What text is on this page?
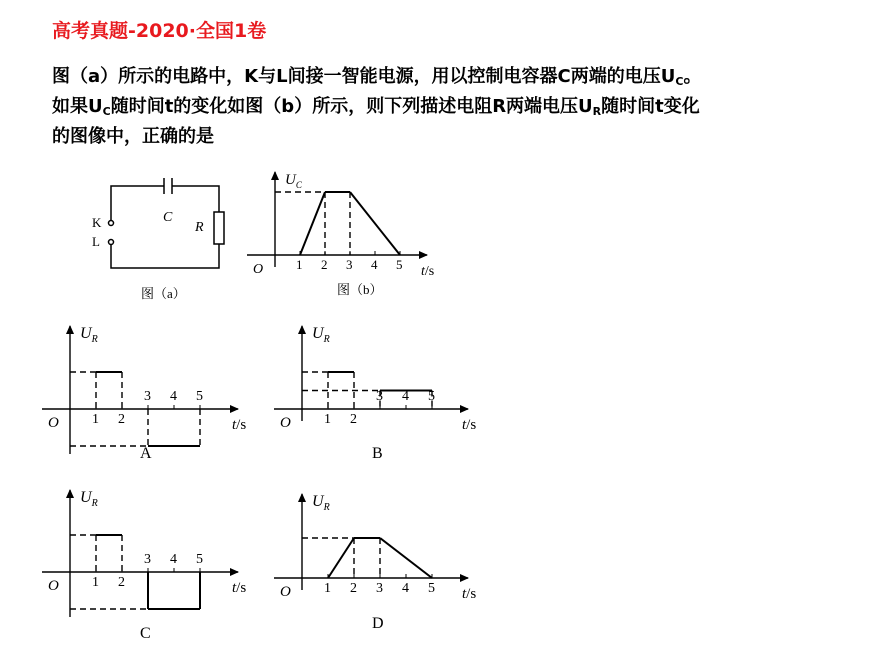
高考真题-2020·全国1卷
图（a）所示的电路中，K与L间接一智能电源，用以控制电容器C两端的电压$U_C$。
如果$U_C$随时间t的变化如图（b）所示，则下列描述电阻R两端电压$U_R$随时间t变化
的图像中，正确的是
K
L
C
R
图（a）
$U_C$
O	t/s
1 2 3 4 5
图（b）
$U_R$
O	t/s
1 2
3 4 5
A
$U_R$
O	t/s
1 2
3 4 5
B
$U_R$
O	t/s
1 2
3 4 5
C
$U_R$
O	t/s
1 2 3 4 5
D
